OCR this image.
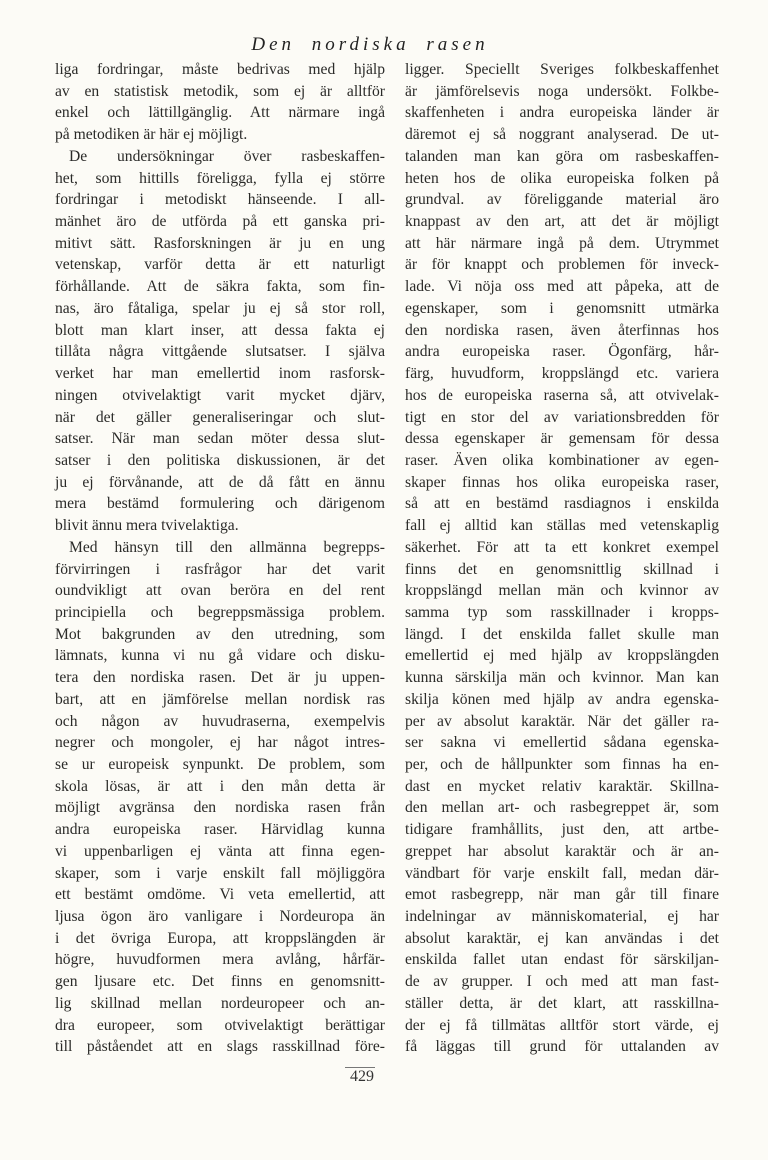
Den nordiska rasen
liga fordringar, måste bedrivas med hjälp
av en statistisk metodik, som ej är alltför
enkel och lättillgänglig. Att närmare ingå
på metodiken är här ej möjligt.
De undersökningar över rasbeskaffen-
het, som hittills föreligga, fylla ej större
fordringar i metodiskt hänseende. I all-
mänhet äro de utförda på ett ganska pri-
mitivt sätt. Rasforskningen är ju en ung
vetenskap, varför detta är ett naturligt
förhållande. Att de säkra fakta, som fin-
nas, äro fåtaliga, spelar ju ej så stor roll,
blott man klart inser, att dessa fakta ej
tillåta några vittgående slutsatser. I själva
verket har man emellertid inom rasforsk-
ningen otvivelaktigt varit mycket djärv,
när det gäller generaliseringar och slut-
satser. När man sedan möter dessa slut-
satser i den politiska diskussionen, är det
ju ej förvånande, att de då fått en ännu
mera bestämd formulering och därigenom
blivit ännu mera tvivelaktiga.
Med hänsyn till den allmänna begrepps-
förvirringen i rasfrågor har det varit
oundvikligt att ovan beröra en del rent
principiella och begreppsmässiga problem.
Mot bakgrunden av den utredning, som
lämnats, kunna vi nu gå vidare och disku-
tera den nordiska rasen. Det är ju uppen-
bart, att en jämförelse mellan nordisk ras
och någon av huvudraserna, exempelvis
negrer och mongoler, ej har något intres-
se ur europeisk synpunkt. De problem, som
skola lösas, är att i den mån detta är
möjligt avgränsa den nordiska rasen från
andra europeiska raser. Härvidlag kunna
vi uppenbarligen ej vänta att finna egen-
skaper, som i varje enskilt fall möjliggöra
ett bestämt omdöme. Vi veta emellertid, att
ljusa ögon äro vanligare i Nordeuropa än
i det övriga Europa, att kroppslängden är
högre, huvudformen mera avlång, hårfär-
gen ljusare etc. Det finns en genomsnitt-
lig skillnad mellan nordeuropeer och an-
dra europeer, som otvivelaktigt berättigar
till påståendet att en slags rasskillnad före-
ligger. Speciellt Sveriges folkbeskaffenhet
är jämförelsevis noga undersökt. Folkbe-
skaffenheten i andra europeiska länder är
däremot ej så noggrant analyserad. De ut-
talanden man kan göra om rasbeskaffen-
heten hos de olika europeiska folken på
grundval. av föreliggande material äro
knappast av den art, att det är möjligt
att här närmare ingå på dem. Utrymmet
är för knappt och problemen för inveck-
lade. Vi nöja oss med att påpeka, att de
egenskaper, som i genomsnitt utmärka
den nordiska rasen, även återfinnas hos
andra europeiska raser. Ögonfärg, hår-
färg, huvudform, kroppslängd etc. variera
hos de europeiska raserna så, att otvivelak-
tigt en stor del av variationsbredden för
dessa egenskaper är gemensam för dessa
raser. Även olika kombinationer av egen-
skaper finnas hos olika europeiska raser,
så att en bestämd rasdiagnos i enskilda
fall ej alltid kan ställas med vetenskaplig
säkerhet. För att ta ett konkret exempel
finns det en genomsnittlig skillnad i
kroppslängd mellan män och kvinnor av
samma typ som rasskillnader i kropps-
längd. I det enskilda fallet skulle man
emellertid ej med hjälp av kroppslängden
kunna särskilja män och kvinnor. Man kan
skilja könen med hjälp av andra egenska-
per av absolut karaktär. När det gäller ra-
ser sakna vi emellertid sådana egenska-
per, och de hållpunkter som finnas ha en-
dast en mycket relativ karaktär. Skillna-
den mellan art- och rasbegreppet är, som
tidigare framhållits, just den, att artbe-
greppet har absolut karaktär och är an-
vändbart för varje enskilt fall, medan där-
emot rasbegrepp, när man går till finare
indelningar av människomaterial, ej har
absolut karaktär, ej kan användas i det
enskilda fallet utan endast för särskiljan-
de av grupper. I och med att man fast-
ställer detta, är det klart, att rasskillna-
der ej få tillmätas alltför stort värde, ej
få läggas till grund för uttalanden av
429
